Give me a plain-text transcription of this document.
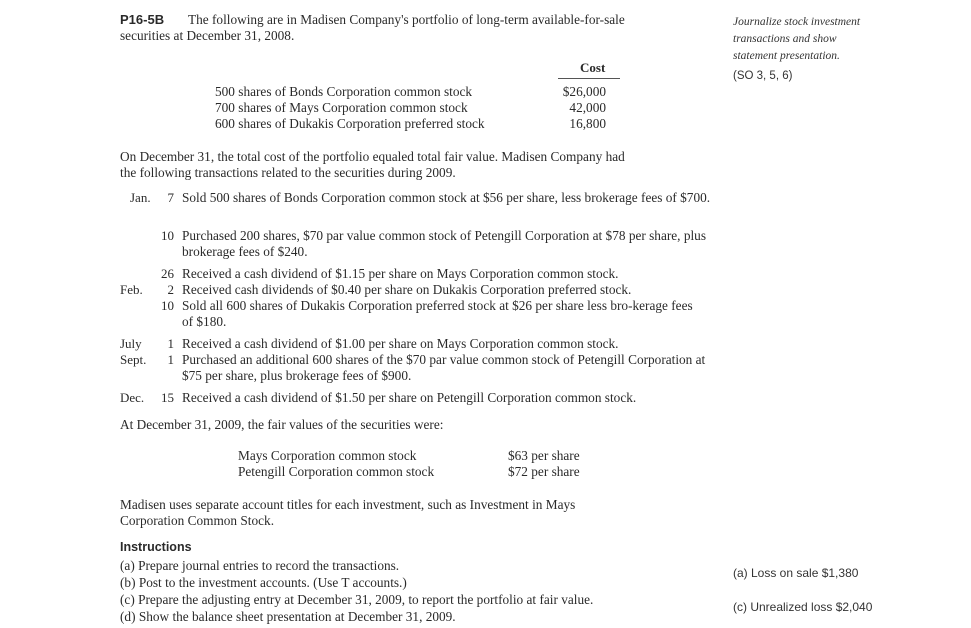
P16-5B The following are in Madisen Company's portfolio of long-term available-for-sale
securities at December 31, 2008.
Journalize stock investment
transactions and show
statement presentation.
(SO 3, 5, 6)
Cost
500 shares of Bonds Corporation common stock	$26,000
700 shares of Mays Corporation common stock	42,000
600 shares of Dukakis Corporation preferred stock	16,800
On December 31, the total cost of the portfolio equaled total fair value. Madisen Company had
the following transactions related to the securities during 2009.
Jan.	7 Sold 500 shares of Bonds Corporation common stock at $56 per share, less brokerage fees of $700.
10 Purchased 200 shares, $70 par value common stock of Petengill Corporation at $78 per share, plus brokerage fees of $240.
26 Received a cash dividend of $1.15 per share on Mays Corporation common stock.
Feb.	2 Received cash dividends of $0.40 per share on Dukakis Corporation preferred stock.
10 Sold all 600 shares of Dukakis Corporation preferred stock at $26 per share less bro-kerage fees of $180.
July	1 Received a cash dividend of $1.00 per share on Mays Corporation common stock.
Sept.	1 Purchased an additional 600 shares of the $70 par value common stock of Petengill Corporation at $75 per share, plus brokerage fees of $900.
Dec. 15 Received a cash dividend of $1.50 per share on Petengill Corporation common stock.
At December 31, 2009, the fair values of the securities were:
Mays Corporation common stock	$63 per share
Petengill Corporation common stock	$72 per share
Madisen uses separate account titles for each investment, such as Investment in Mays
Corporation Common Stock.
Instructions
(a) Prepare journal entries to record the transactions.
(b) Post to the investment accounts. (Use T accounts.)
(c) Prepare the adjusting entry at December 31, 2009, to report the portfolio at fair value.
(d) Show the balance sheet presentation at December 31, 2009.
(a) Loss on sale $1,380
(c) Unrealized loss $2,040
